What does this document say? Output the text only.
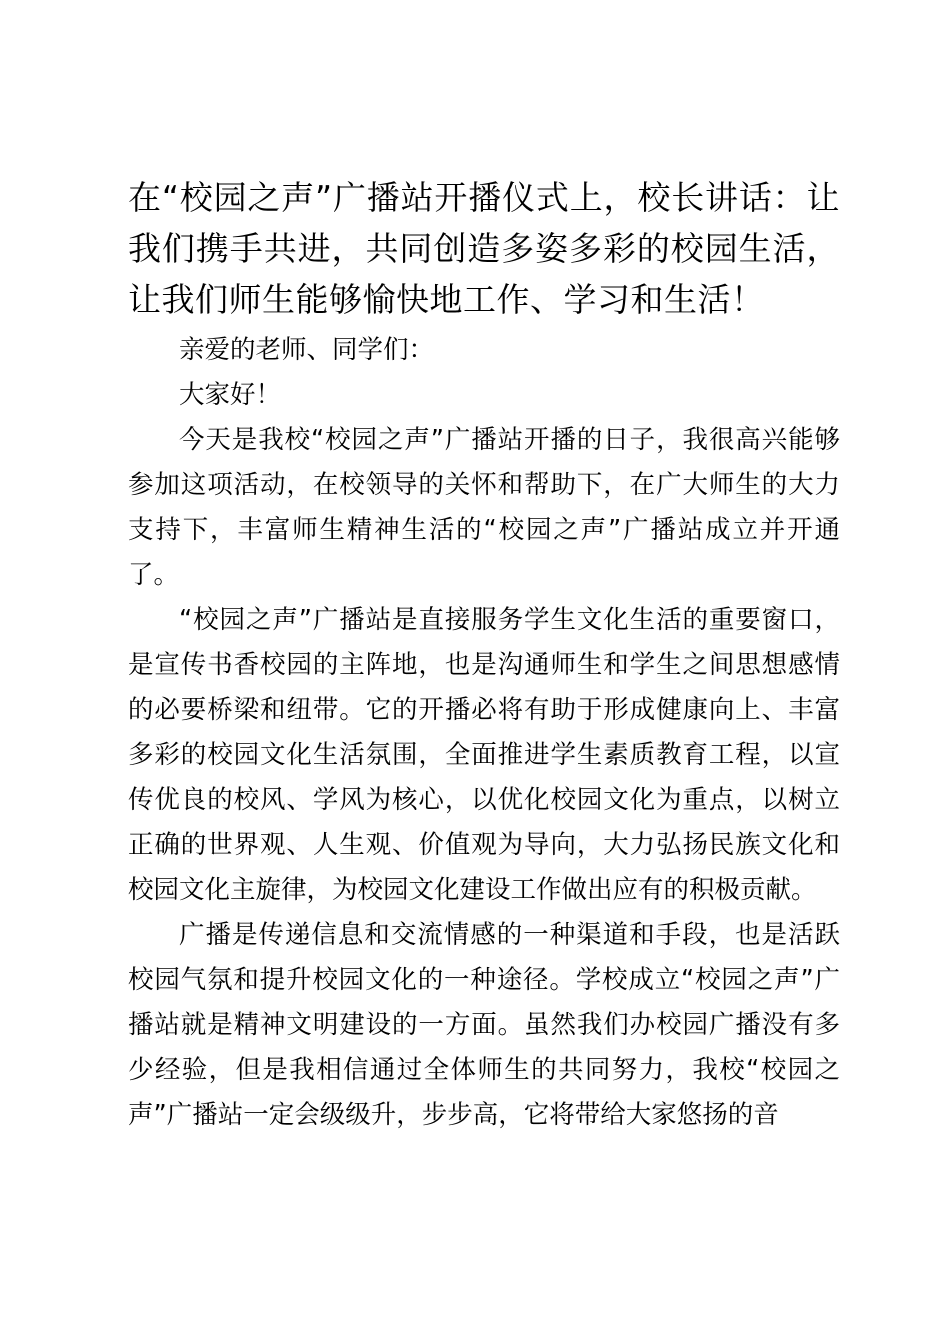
在“校园之声”广播站开播仪式上，校长讲话：让我们携手共进，共同创造多姿多彩的校园生活，让我们师生能够愉快地工作、学习和生活！

亲爱的老师、同学们：

大家好！

今天是我校“校园之声”广播站开播的日子，我很高兴能够参加这项活动，在校领导的关怀和帮助下，在广大师生的大力支持下，丰富师生精神生活的“校园之声”广播站成立并开通了。

“校园之声”广播站是直接服务学生文化生活的重要窗口，是宣传书香校园的主阵地，也是沟通师生和学生之间思想感情的必要桥梁和纽带。它的开播必将有助于形成健康向上、丰富多彩的校园文化生活氛围，全面推进学生素质教育工程，以宣传优良的校风、学风为核心，以优化校园文化为重点，以树立正确的世界观、人生观、价值观为导向，大力弘扬民族文化和校园文化主旋律，为校园文化建设工作做出应有的积极贡献。

广播是传递信息和交流情感的一种渠道和手段，也是活跃校园气氛和提升校园文化的一种途径。学校成立“校园之声”广播站就是精神文明建设的一方面。虽然我们办校园广播没有多少经验，但是我相信通过全体师生的共同努力，我校“校园之声”广播站一定会级级升，步步高，它将带给大家悠扬的音
